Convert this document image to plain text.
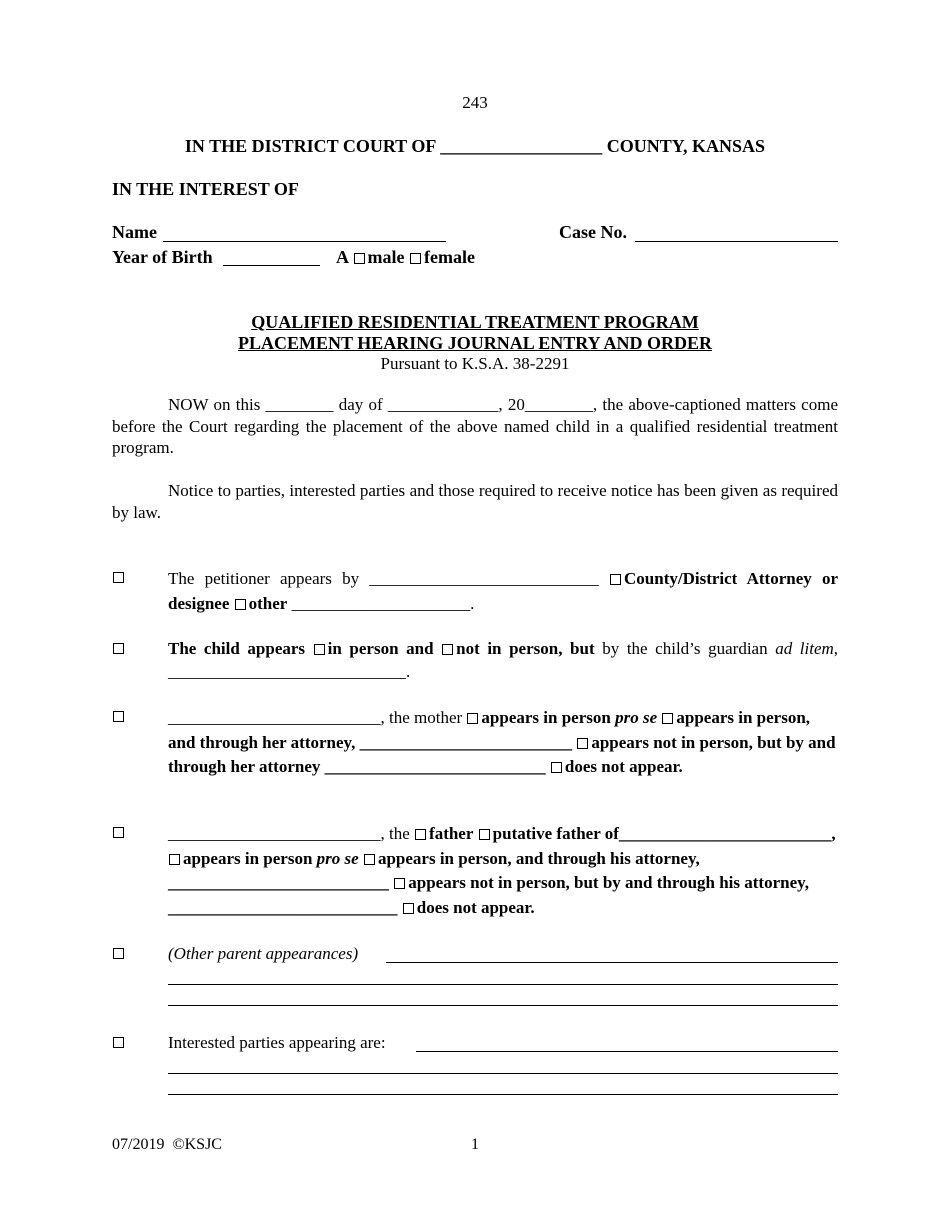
243
IN THE DISTRICT COURT OF __________________ COUNTY, KANSAS
IN THE INTEREST OF
Name	Case No.
Year of Birth	A male female
QUALIFIED RESIDENTIAL TREATMENT PROGRAM
PLACEMENT HEARING JOURNAL ENTRY AND ORDER
Pursuant to K.S.A. 38-2291
NOW on this ________ day of _____________, 20________, the above-captioned matters come before the Court regarding the placement of the above named child in a qualified residential treatment program.
Notice to parties, interested parties and those required to receive notice has been given as required by law.
The petitioner appears by ___________________________ County/District Attorney or designee other _____________________.
The child appears in person and not in person, but by the child’s guardian ad litem, ____________________________.
_________________________, the mother appears in person pro se appears in person, and through her attorney, _________________________ appears not in person, but by and through her attorney __________________________ does not appear.
_________________________, the father putative father of_________________________, appears in person pro se appears in person, and through his attorney, __________________________ appears not in person, but by and through his attorney, ___________________________ does not appear.
(Other parent appearances)
Interested parties appearing are:
07/2019 ©KSJC	1
